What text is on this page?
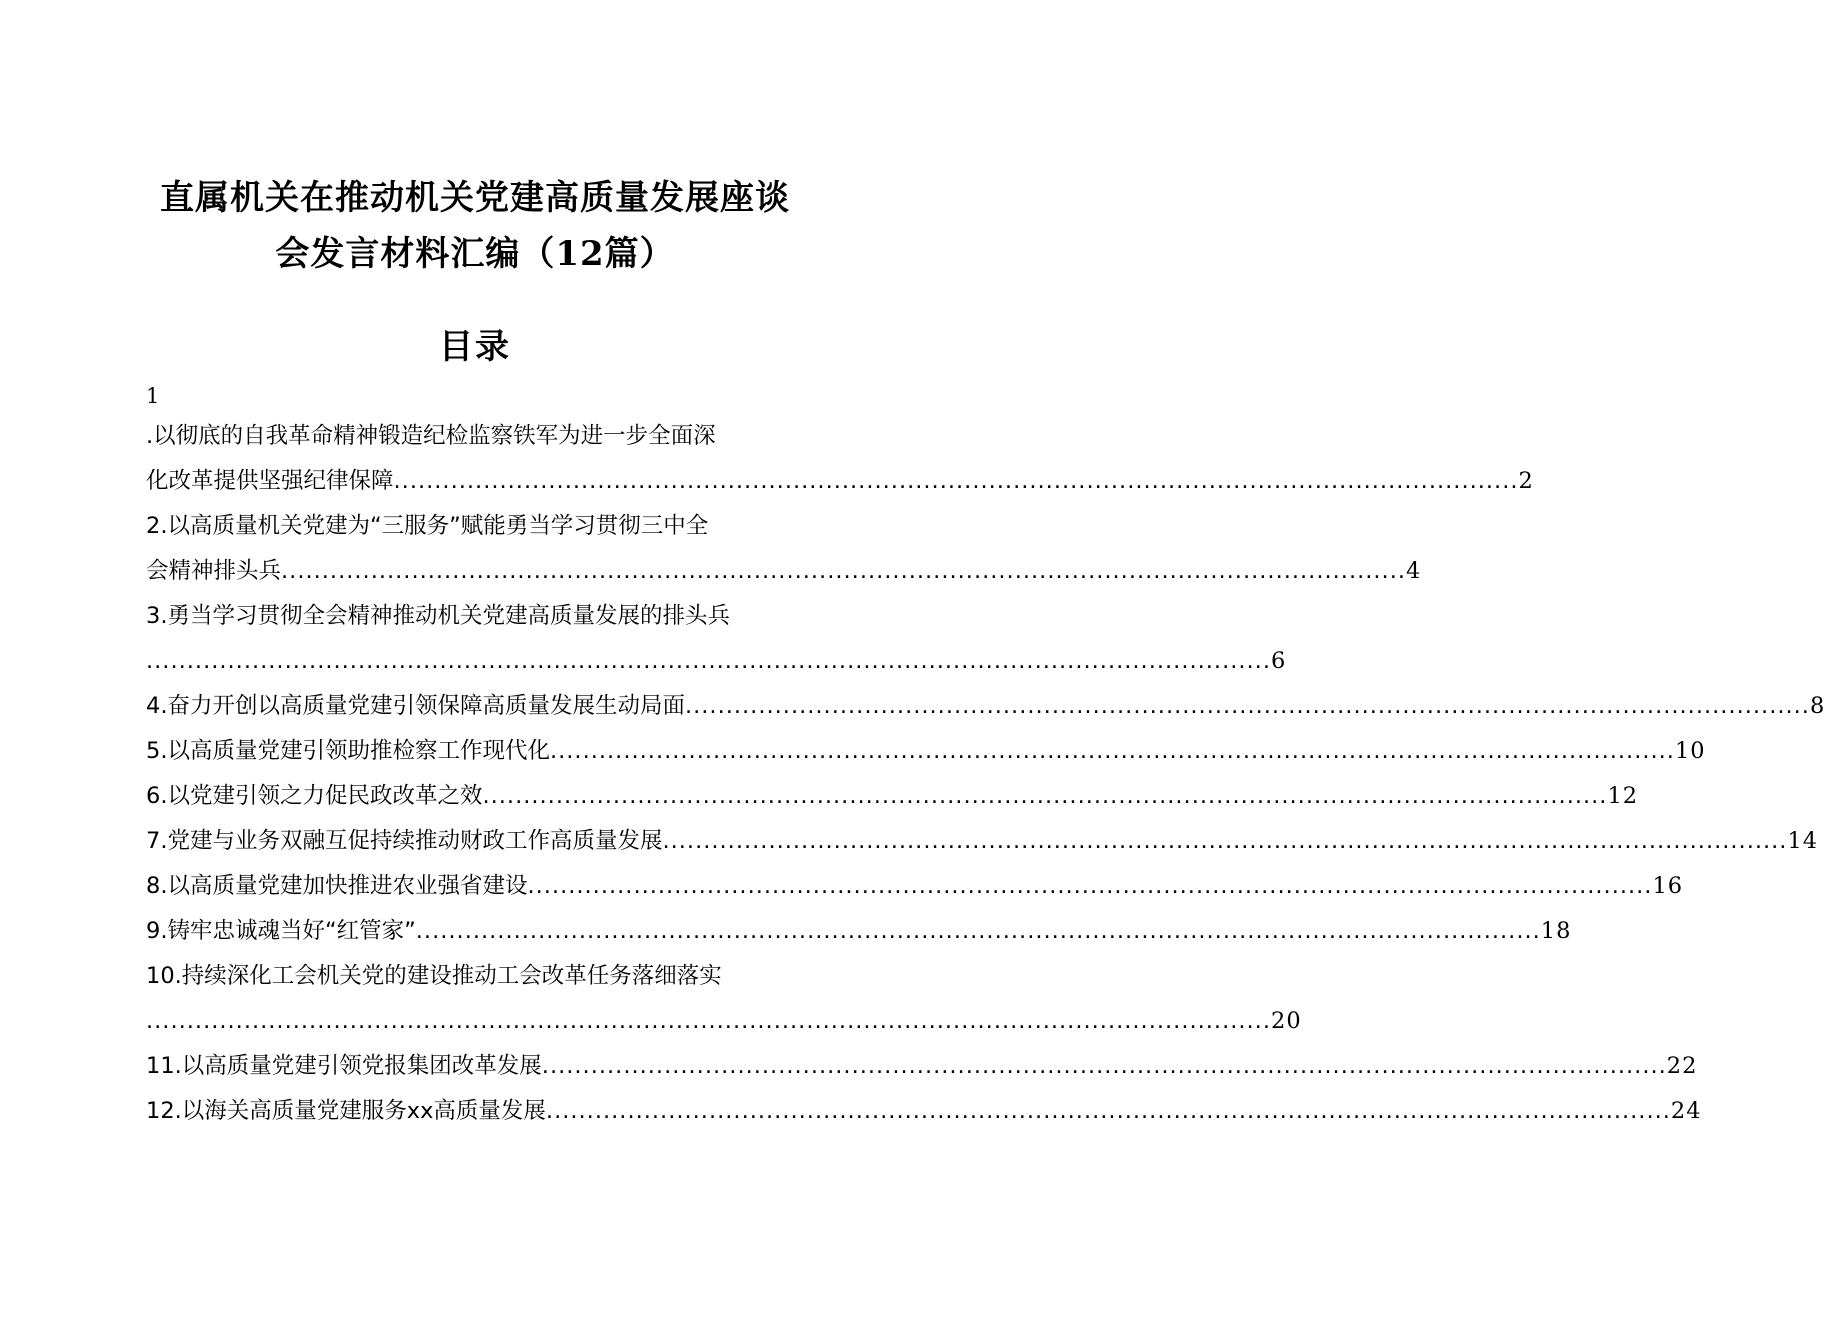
直属机关在推动机关党建高质量发展座谈
会发言材料汇编（12篇）
目录
1
.以彻底的自我革命精神锻造纪检监察铁军为进一步全面深
化改革提供坚强纪律保障 .......................................................................................................................................... 2
2.以高质量机关党建为“三服务”赋能勇当学习贯彻三中全
会精神排头兵 .......................................................................................................................................... 4
3.勇当学习贯彻全会精神推动机关党建高质量发展的排头兵
.......................................................................................................................................... 6
4.奋力开创以高质量党建引领保障高质量发展生动局面 .......................................................................................................................................... 8
5.以高质量党建引领助推检察工作现代化 .......................................................................................................................................... 10
6.以党建引领之力促民政改革之效 .......................................................................................................................................... 12
7.党建与业务双融互促持续推动财政工作高质量发展 .......................................................................................................................................... 14
8.以高质量党建加快推进农业强省建设 .......................................................................................................................................... 16
9.铸牢忠诚魂当好“红管家” .......................................................................................................................................... 18
10.持续深化工会机关党的建设推动工会改革任务落细落实
.......................................................................................................................................... 20
11.以高质量党建引领党报集团改革发展 .......................................................................................................................................... 22
12.以海关高质量党建服务xx高质量发展 .......................................................................................................................................... 24
